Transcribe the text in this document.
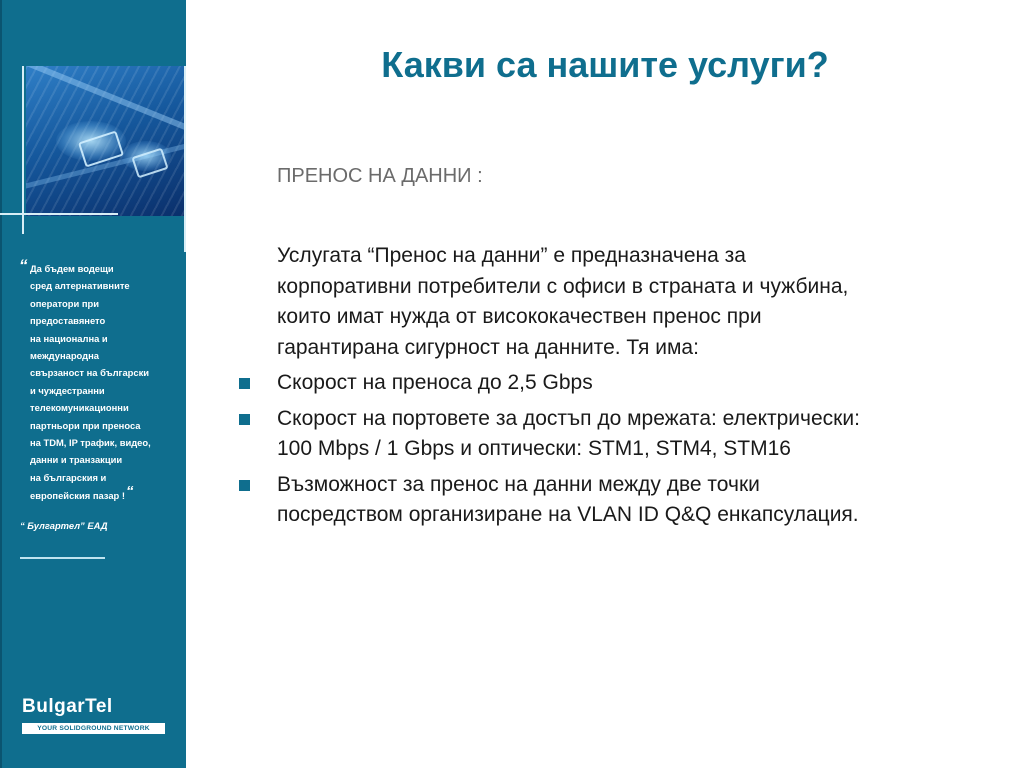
“ Да бъдем водещи
сред алтернативните
оператори при
предоставянето
на национална и
международна
свързаност на български
и чуждестранни
телекомуникационни
партньори при преноса
на TDM, IP трафик, видео,
данни и транзакции
на българския и
европейския пазар !“
“ Булгартел” ЕАД
BulgarTel
YOUR SOLIDGROUND NETWORK
Какви са нашите услуги?

ПРЕНОС НА ДАННИ :

Услугата “Пренос на данни” е предназначена за
корпоративни потребители с офиси в страната и чужбина,
които имат нужда от висококачествен пренос при
гарантирана сигурност на данните. Тя има:

Скорост на преноса до 2,5 Gbps
Скорост на портовете за достъп до мрежата: електрически:
100 Mbps / 1 Gbps и оптически: STM1, STM4, STM16
Възможност за пренос на данни между две точки
посредством организиране на VLAN ID Q&Q енкапсулация.
